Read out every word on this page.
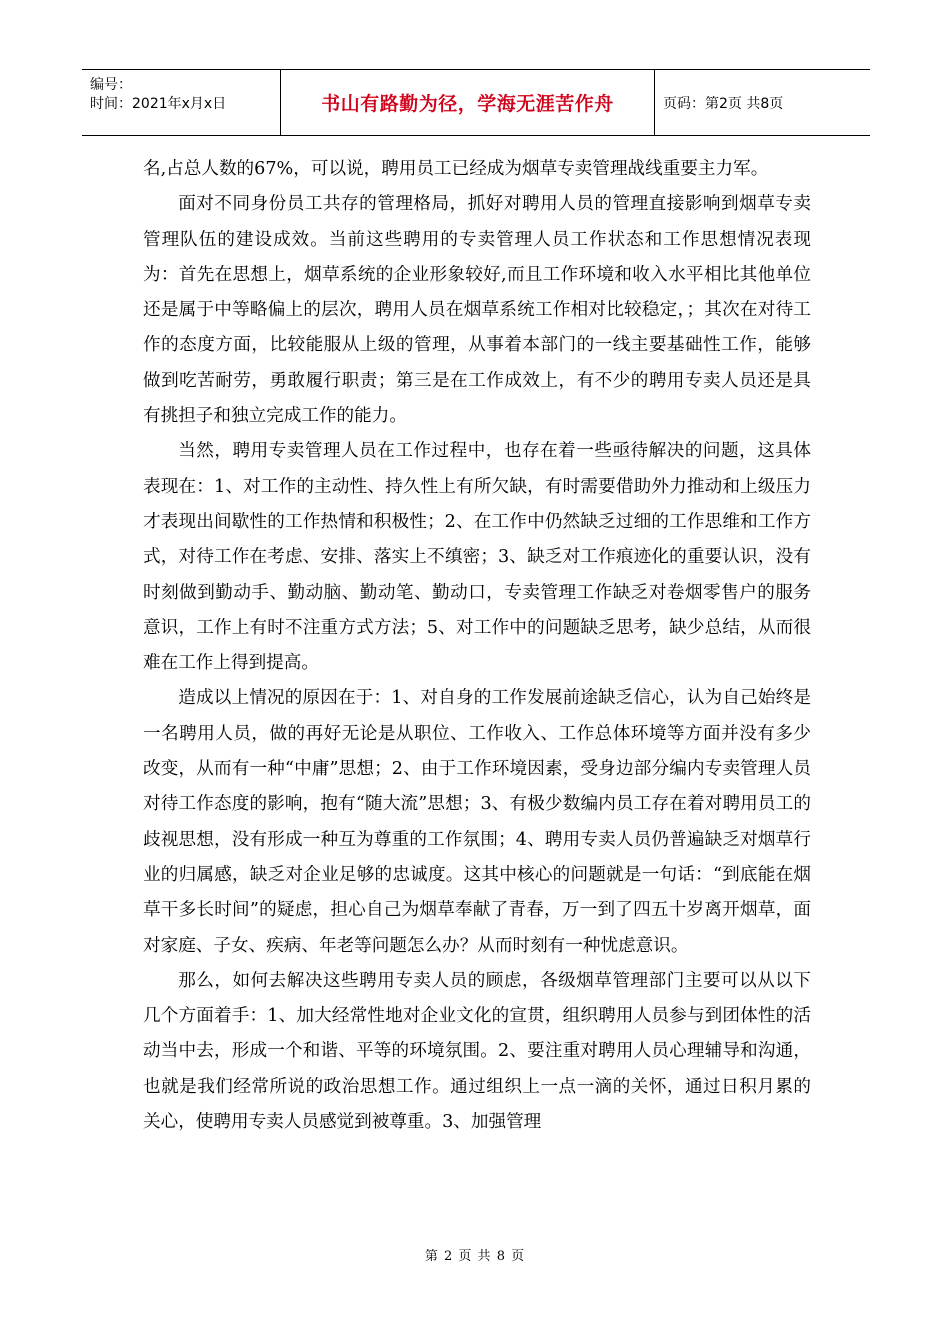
编号：
时间：2021年x月x日	书山有路勤为径，学海无涯苦作舟	页码：第2页 共8页

名,占总人数的67%，可以说，聘用员工已经成为烟草专卖管理战线重要主力军。

面对不同身份员工共存的管理格局，抓好对聘用人员的管理直接影响到烟草专卖管理队伍的建设成效。当前这些聘用的专卖管理人员工作状态和工作思想情况表现为：首先在思想上，烟草系统的企业形象较好,而且工作环境和收入水平相比其他单位还是属于中等略偏上的层次，聘用人员在烟草系统工作相对比较稳定，；其次在对待工作的态度方面，比较能服从上级的管理，从事着本部门的一线主要基础性工作，能够做到吃苦耐劳，勇敢履行职责；第三是在工作成效上，有不少的聘用专卖人员还是具有挑担子和独立完成工作的能力。

当然，聘用专卖管理人员在工作过程中，也存在着一些亟待解决的问题，这具体表现在：1、对工作的主动性、持久性上有所欠缺，有时需要借助外力推动和上级压力才表现出间歇性的工作热情和积极性；2、在工作中仍然缺乏过细的工作思维和工作方式，对待工作在考虑、安排、落实上不缜密；3、缺乏对工作痕迹化的重要认识，没有时刻做到勤动手、勤动脑、勤动笔、勤动口，专卖管理工作缺乏对卷烟零售户的服务意识，工作上有时不注重方式方法；5、对工作中的问题缺乏思考，缺少总结，从而很难在工作上得到提高。

造成以上情况的原因在于：1、对自身的工作发展前途缺乏信心，认为自己始终是一名聘用人员，做的再好无论是从职位、工作收入、工作总体环境等方面并没有多少改变，从而有一种“中庸”思想；2、由于工作环境因素，受身边部分编内专卖管理人员对待工作态度的影响，抱有“随大流”思想；3、有极少数编内员工存在着对聘用员工的歧视思想，没有形成一种互为尊重的工作氛围；4、聘用专卖人员仍普遍缺乏对烟草行业的归属感，缺乏对企业足够的忠诚度。这其中核心的问题就是一句话：“到底能在烟草干多长时间”的疑虑，担心自己为烟草奉献了青春，万一到了四五十岁离开烟草，面对家庭、子女、疾病、年老等问题怎么办？从而时刻有一种忧虑意识。

那么，如何去解决这些聘用专卖人员的顾虑，各级烟草管理部门主要可以从以下几个方面着手：1、加大经常性地对企业文化的宣贯，组织聘用人员参与到团体性的活动当中去，形成一个和谐、平等的环境氛围。2、要注重对聘用人员心理辅导和沟通，也就是我们经常所说的政治思想工作。通过组织上一点一滴的关怀，通过日积月累的关心，使聘用专卖人员感觉到被尊重。3、加强管理

第 2 页 共 8 页
